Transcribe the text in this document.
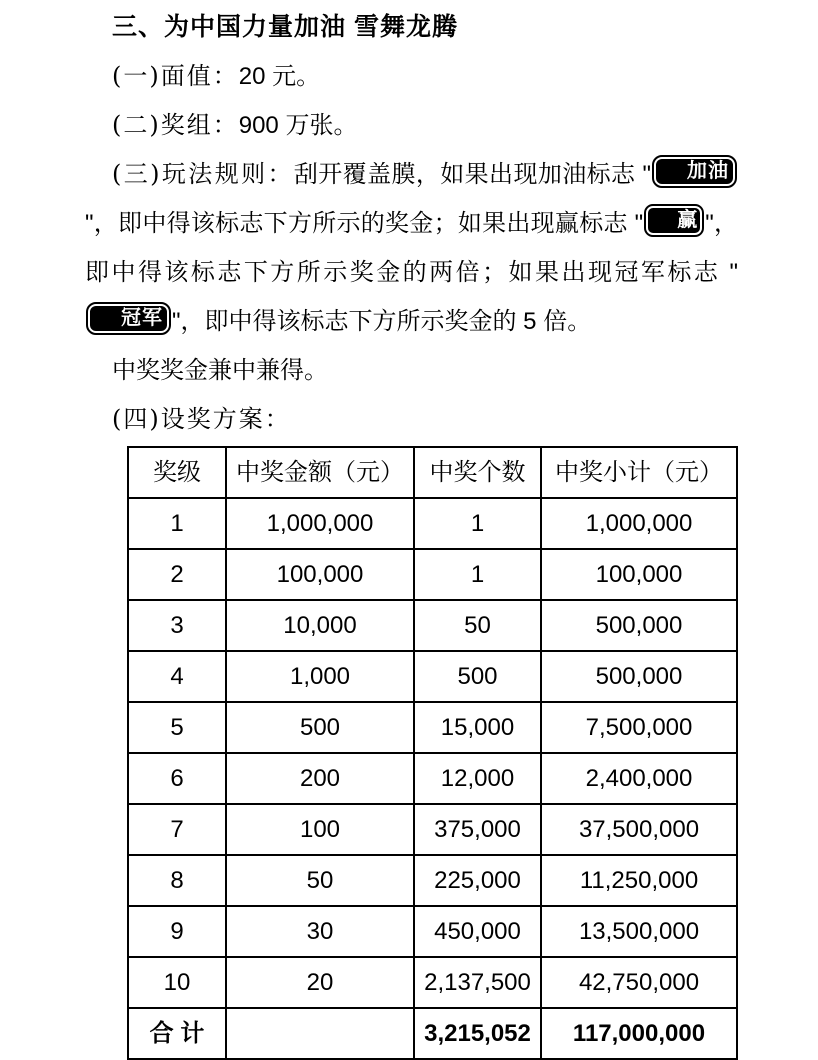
三、为中国力量加油 雪舞龙腾

(一)面值：20 元。

(二)奖组：900 万张。

(三)玩法规则：刮开覆盖膜，如果出现加油标志 " 加油"，即中得该标志下方所示的奖金；如果出现赢标志 " 赢 "，即中得该标志下方所示奖金的两倍；如果出现冠军标志 "冠军 "，即中得该标志下方所示奖金的 5 倍。

中奖奖金兼中兼得。

(四)设奖方案：

奖级	中奖金额（元）	中奖个数	中奖小计（元）
1	1,000,000	1	1,000,000
2	100,000	1	100,000
3	10,000	50	500,000
4	1,000	500	500,000
5	500	15,000	7,500,000
6	200	12,000	2,400,000
7	100	375,000	37,500,000
8	50	225,000	11,250,000
9	30	450,000	13,500,000
10	20	2,137,500	42,750,000
合 计		3,215,052	117,000,000
